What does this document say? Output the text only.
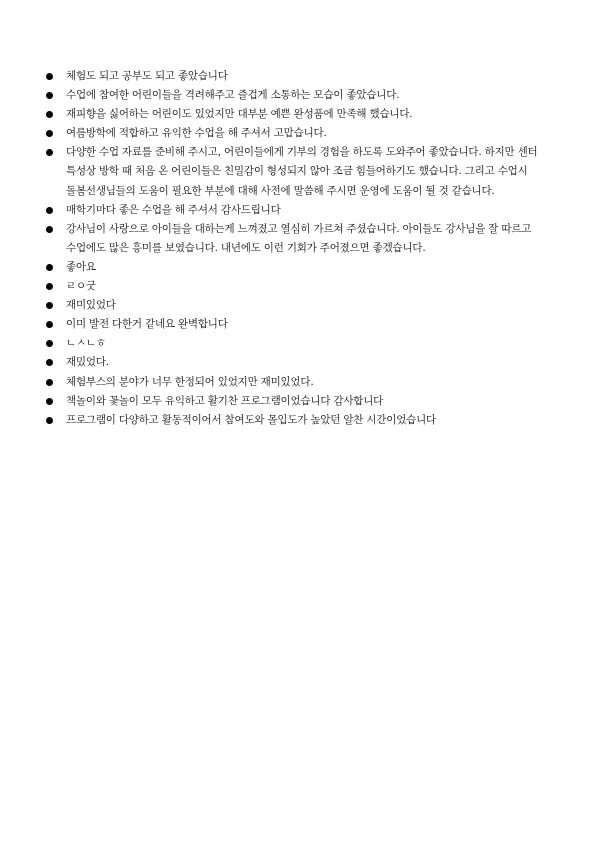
체험도 되고 공부도 되고 좋았습니다
수업에 참여한 어린이들을 격려해주고 즐겁게 소통하는 모습이 좋았습니다.
재피향을 싫어하는 어린이도 있었지만 대부분 예쁜 완성품에 만족해 했습니다.
여름방학에 적합하고 유익한 수업을 해 주셔서 고맙습니다.
다양한 수업 자료를 준비해 주시고, 어린이들에게 기부의 경험을 하도록 도와주어 좋았습니다. 하지만 센터 특성상 방학 때 처음 온 어린이들은 친밀감이 형성되지 않아 조금 힘들어하기도 했습니다. 그리고 수업시 돌봄선생님들의 도움이 필요한 부분에 대해 사전에 말씀해 주시면 운영에 도움이 될 것 같습니다.
매학기마다 좋은 수업을 해 주셔서 감사드립니다
강사님이 사랑으로 아이들을 대하는게 느껴졌고 열심히 가르쳐 주셨습니다. 아이들도 강사님을 잘 따르고 수업에도 많은 흥미를 보였습니다. 내년에도 이런 기회가 주어졌으면 좋겠습니다.
좋아요
ㄹㅇ굿
재미있었다
이미 발전 다한거 같네요 완벽합니다
ㄴㅅㄴㅎ
재밌었다.
체험부스의 분야가 너무 한정되어 있었지만 재미있었다.
책놀이와 꽃놀이 모두 유익하고 활기찬 프로그램이었습니다 감사합니다
프로그램이 다양하고 활동적이어서 참여도와 몰입도가 높았던 알찬 시간이었습니다
